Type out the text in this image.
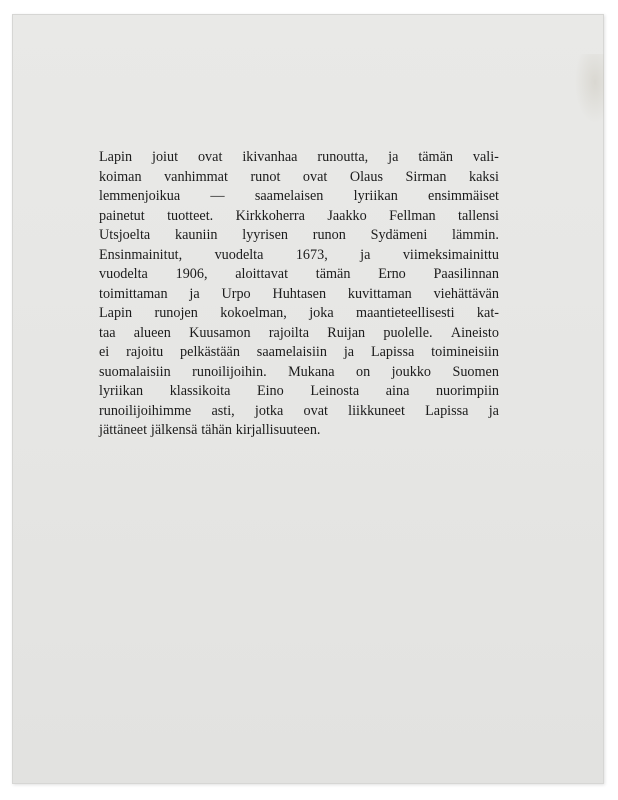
Lapin joiut ovat ikivanhaa runoutta, ja tämän vali-
koiman vanhimmat runot ovat Olaus Sirman kaksi
lemmenjoikua — saamelaisen lyriikan ensimmäiset
painetut tuotteet. Kirkkoherra Jaakko Fellman tallensi
Utsjoelta kauniin lyyrisen runon Sydämeni lämmin.
Ensinmainitut, vuodelta 1673, ja viimeksimainittu
vuodelta 1906, aloittavat tämän Erno Paasilinnan
toimittaman ja Urpo Huhtasen kuvittaman viehättävän
Lapin runojen kokoelman, joka maantieteellisesti kat-
taa alueen Kuusamon rajoilta Ruijan puolelle. Aineisto
ei rajoitu pelkästään saamelaisiin ja Lapissa toimineisiin
suomalaisiin runoilijoihin. Mukana on joukko Suomen
lyriikan klassikoita Eino Leinosta aina nuorimpiin
runoilijoihimme asti, jotka ovat liikkuneet Lapissa ja
jättäneet jälkensä tähän kirjallisuuteen.
